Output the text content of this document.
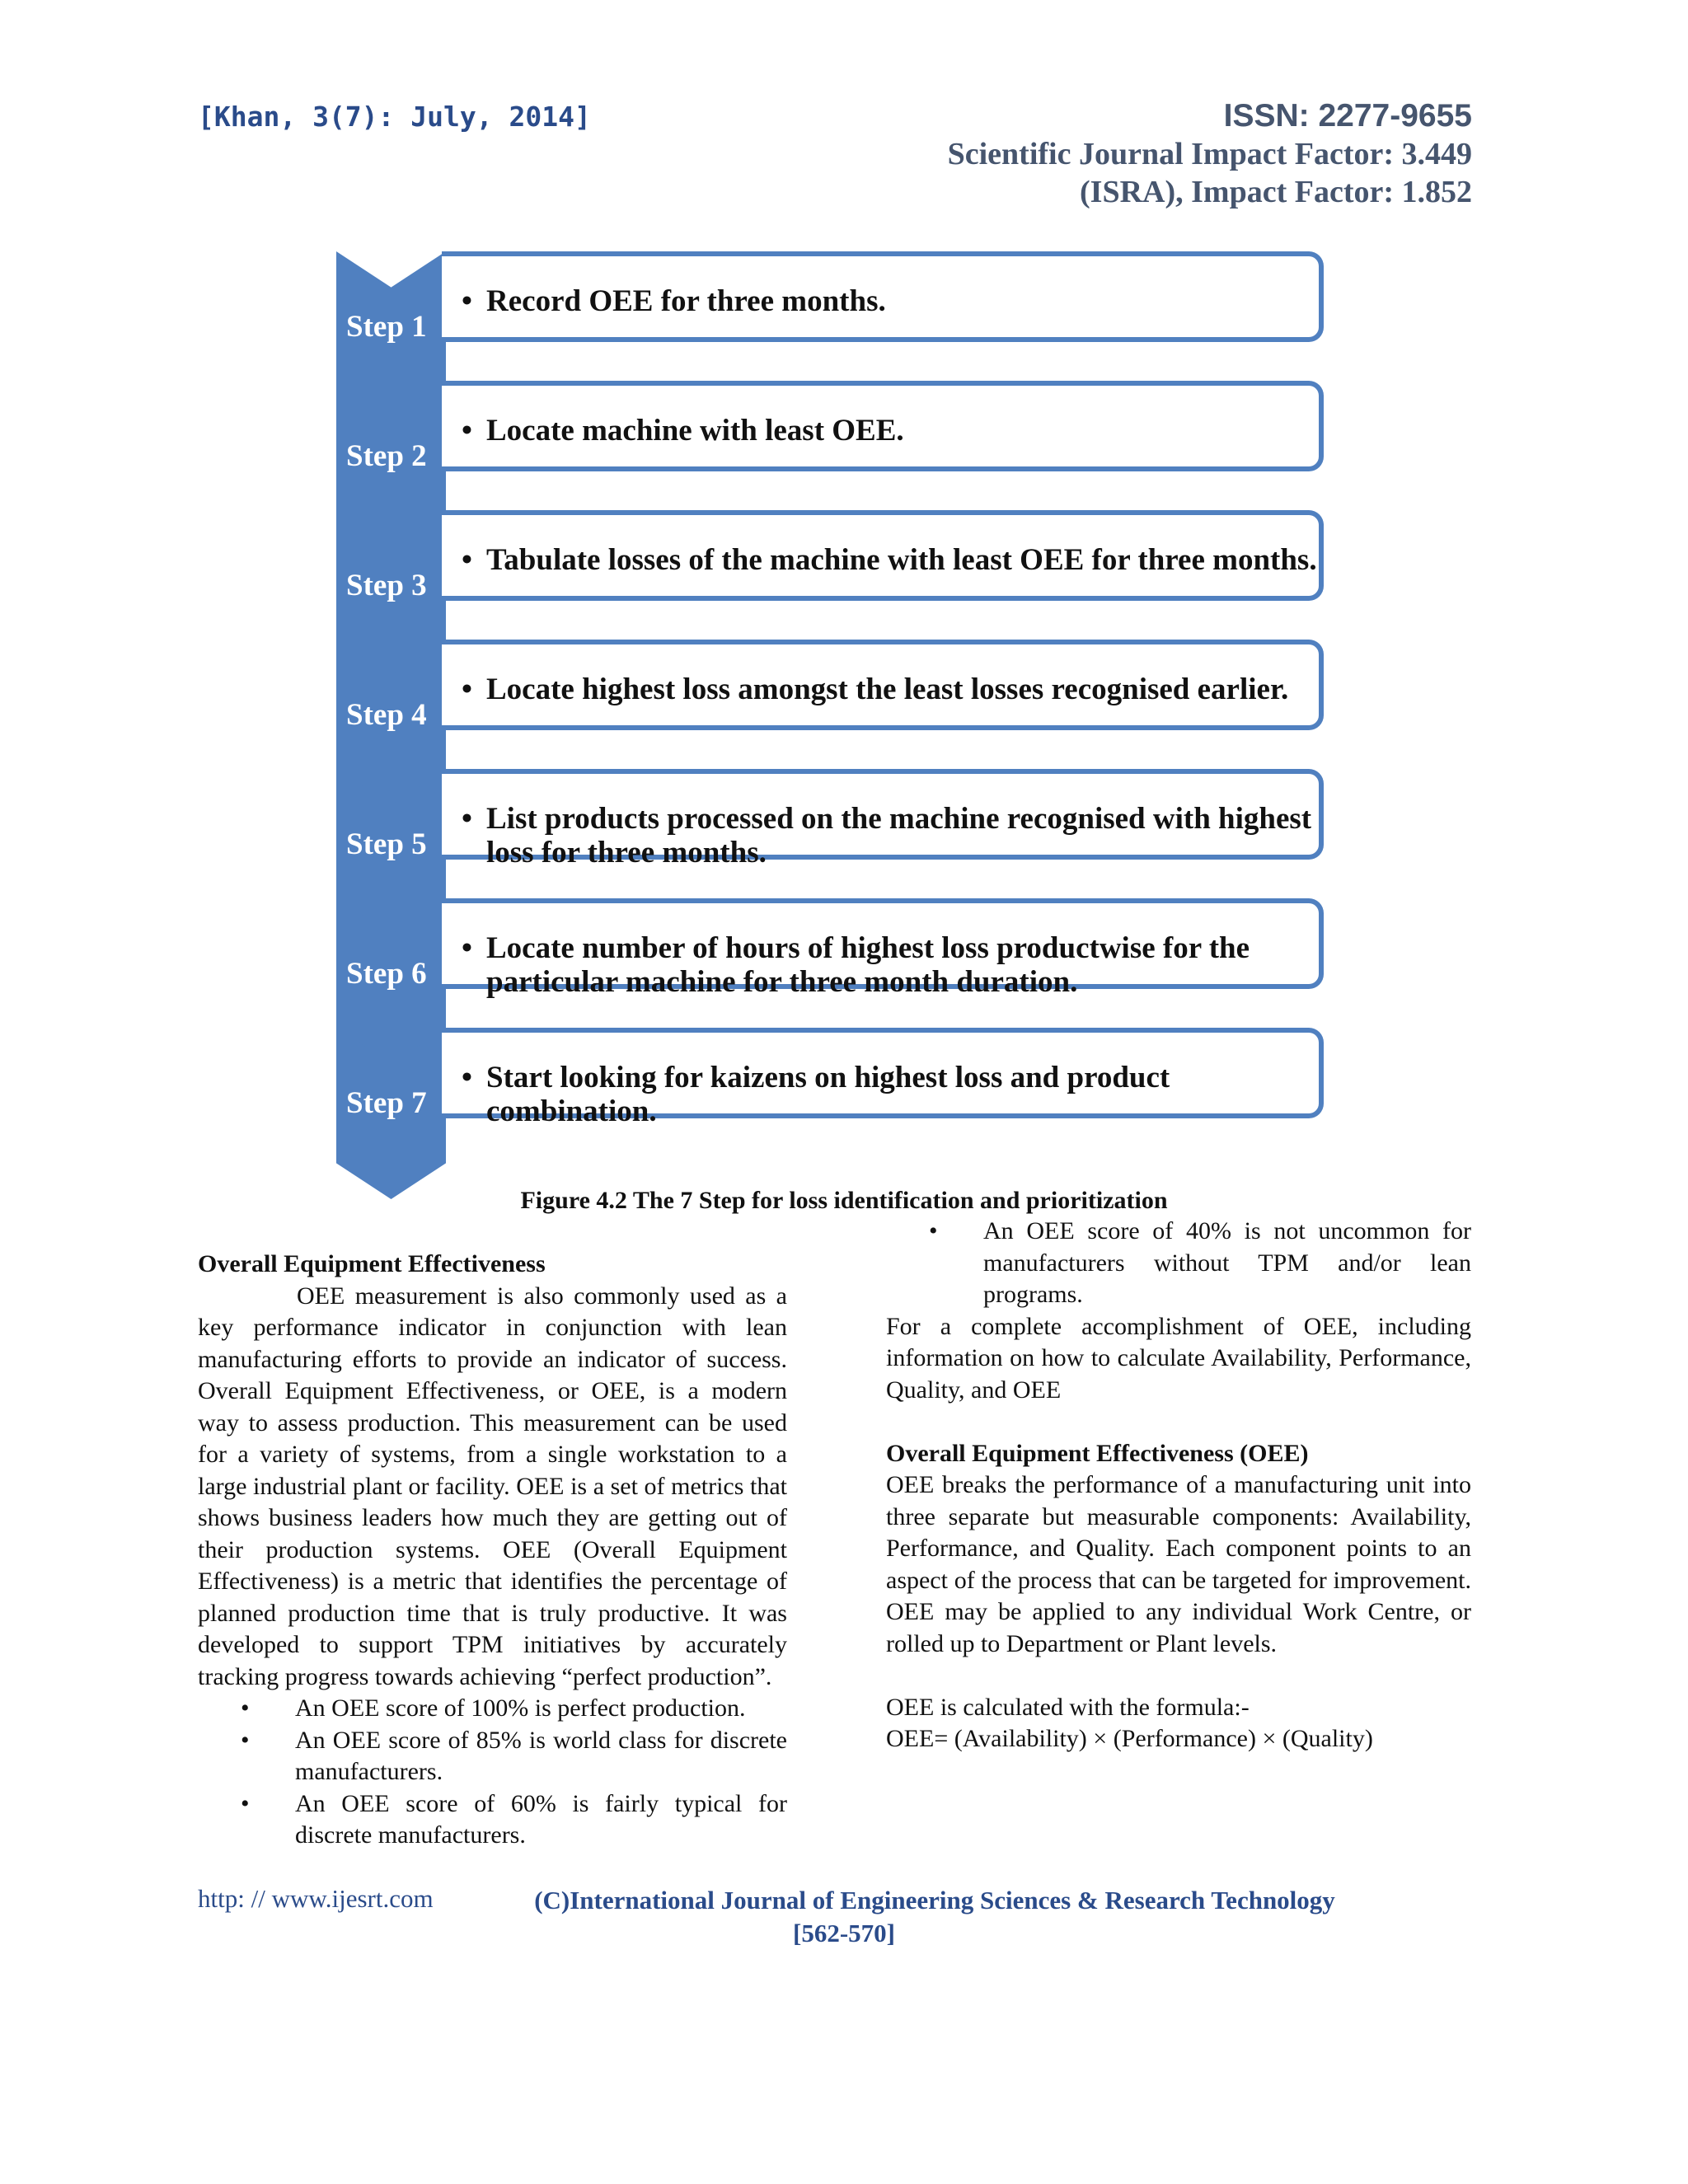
[Khan, 3(7): July, 2014]	ISSN: 2277-9655
Scientific Journal Impact Factor: 3.449
(ISRA), Impact Factor: 1.852
Step 1
• Record OEE for three months.
Step 2
• Locate machine with least OEE.
Step 3
• Tabulate losses of the machine with least OEE for three months.
Step 4
• Locate highest loss amongst the least losses recognised earlier.
Step 5
• List products processed on the machine recognised with highest loss for three months.
Step 6
• Locate number of hours of highest loss productwise for the particular machine for three month duration.
Step 7
• Start looking for kaizens on highest loss and product combination.
Figure 4.2 The 7 Step for loss identification and prioritization
Overall Equipment Effectiveness

OEE measurement is also commonly used as a key performance indicator in conjunction with lean manufacturing efforts to provide an indicator of success. Overall Equipment Effectiveness, or OEE, is a modern way to assess production. This measurement can be used for a variety of systems, from a single workstation to a large industrial plant or facility. OEE is a set of metrics that shows business leaders how much they are getting out of their production systems. OEE (Overall Equipment Effectiveness) is a metric that identifies the percentage of planned production time that is truly productive. It was developed to support TPM initiatives by accurately tracking progress towards achieving “perfect production”.

• An OEE score of 100% is perfect production.
• An OEE score of 85% is world class for discrete manufacturers.
• An OEE score of 60% is fairly typical for discrete manufacturers.
• An OEE score of 40% is not uncommon for manufacturers without TPM and/or lean programs.

For a complete accomplishment of OEE, including information on how to calculate Availability, Performance, Quality, and OEE

Overall Equipment Effectiveness (OEE)

OEE breaks the performance of a manufacturing unit into three separate but measurable components: Availability, Performance, and Quality. Each component points to an aspect of the process that can be targeted for improvement. OEE may be applied to any individual Work Centre, or rolled up to Department or Plant levels.

OEE is calculated with the formula:-
OEE= (Availability) × (Performance) × (Quality)
http: // www.ijesrt.com	(C)International Journal of Engineering Sciences & Research Technology
[562-570]
